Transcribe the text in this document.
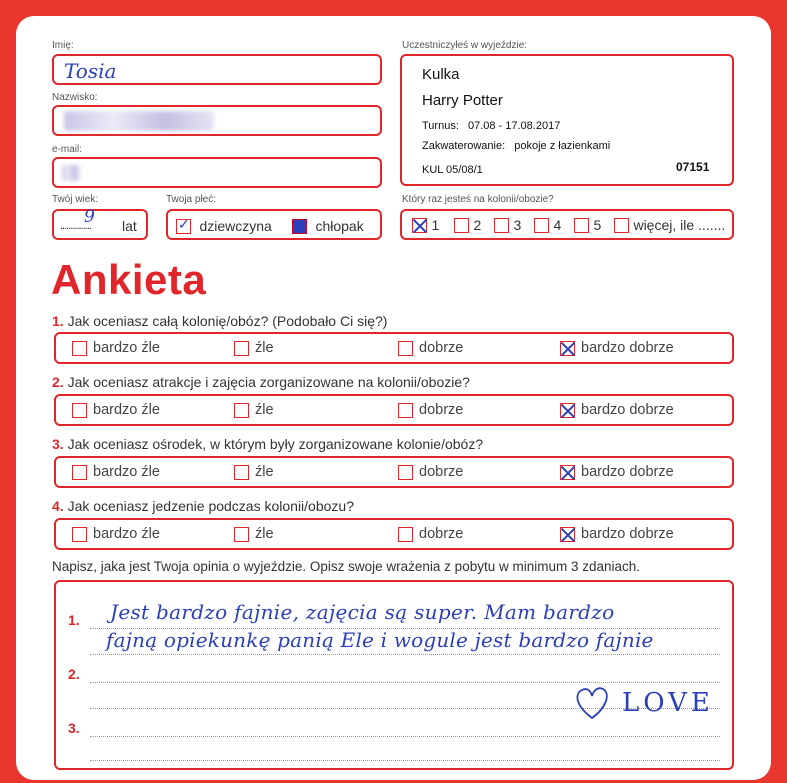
Imię:
Tosia
Nazwisko:
e-mail:
Twój wiek:
9
............... lat
Twoja płeć:
✓ dziewczyna	chłopak
Uczestniczyłeś w wyjeździe:
Kulka
Harry Potter
Turnus: 07.08 - 17.08.2017
Zakwaterowanie: pokoje z łazienkami
KUL 05/08/1	07151
Który raz jesteś na kolonii/obozie?
1	2	3	4	5	więcej, ile .......
Ankieta
1. Jak oceniasz całą kolonię/obóz? (Podobało Ci się?)
bardzo źle	źle	dobrze	bardzo dobrze
2. Jak oceniasz atrakcje i zajęcia zorganizowane na kolonii/obozie?
bardzo źle	źle	dobrze	bardzo dobrze
3. Jak oceniasz ośrodek, w którym były zorganizowane kolonie/obóz?
bardzo źle	źle	dobrze	bardzo dobrze
4. Jak oceniasz jedzenie podczas kolonii/obozu?
bardzo źle	źle	dobrze	bardzo dobrze
Napisz, jaka jest Twoja opinia o wyjeździe. Opisz swoje wrażenia z pobytu w minimum 3 zdaniach.
1.
2.
3.
Jest bardzo fajnie, zajęcia są super. Mam bardzo
fajną opiekunkę panią Ele i wogule jest bardzo fajnie
LOVE
